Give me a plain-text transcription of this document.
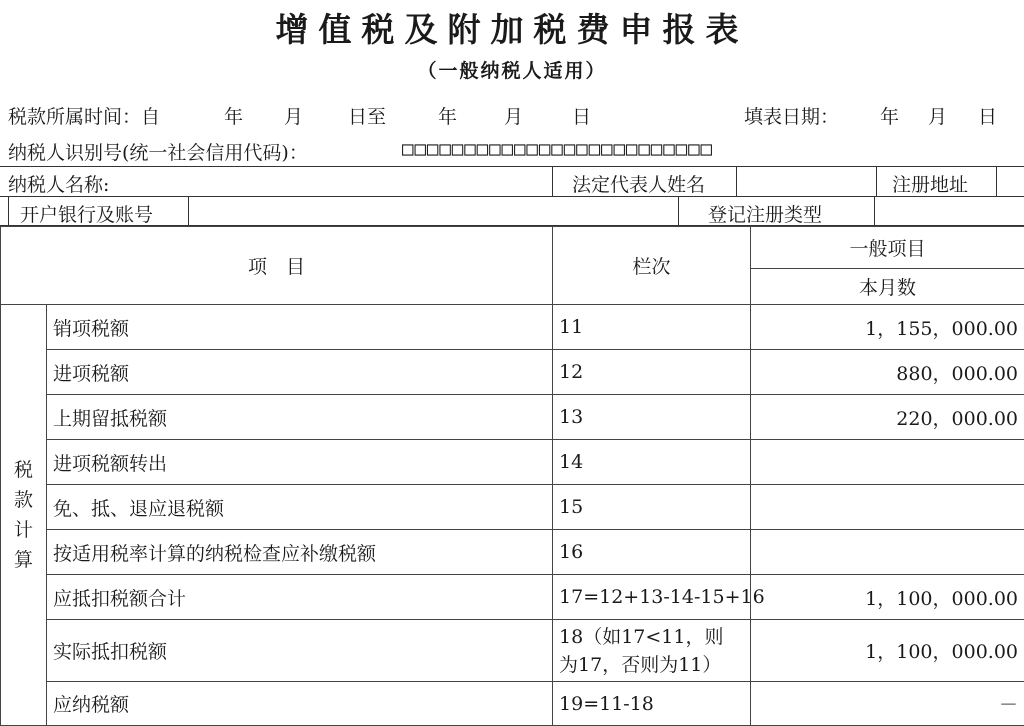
增值税及附加税费申报表
（一般纳税人适用）
税款所属时间：自	年 月 日至	年 月	日	填表日期： 年 月 日
纳税人识别号(统一社会信用代码)：	□□□□□□□□□□□□□□□□□□□□□□□□□
纳税人名称:	法定代表人姓名	注册地址
开户银行及账号	登记注册类型
项　目		栏次	一般项目
			本月数

税
款
计
算	销项税额	11	1，155，000.00
	进项税额	12	880，000.00
	上期留抵税额	13	220，000.00
	进项税额转出	14	
	免、抵、退应退税额	15	
	按适用税率计算的纳税检查应补缴税额	16	
	应抵扣税额合计	17=12+13-14-15+16	1，100，000.00
	实际抵扣税额	18（如17<11，则
为17，否则为11）	1，100，000.00
	应纳税额	19=11-18	－
